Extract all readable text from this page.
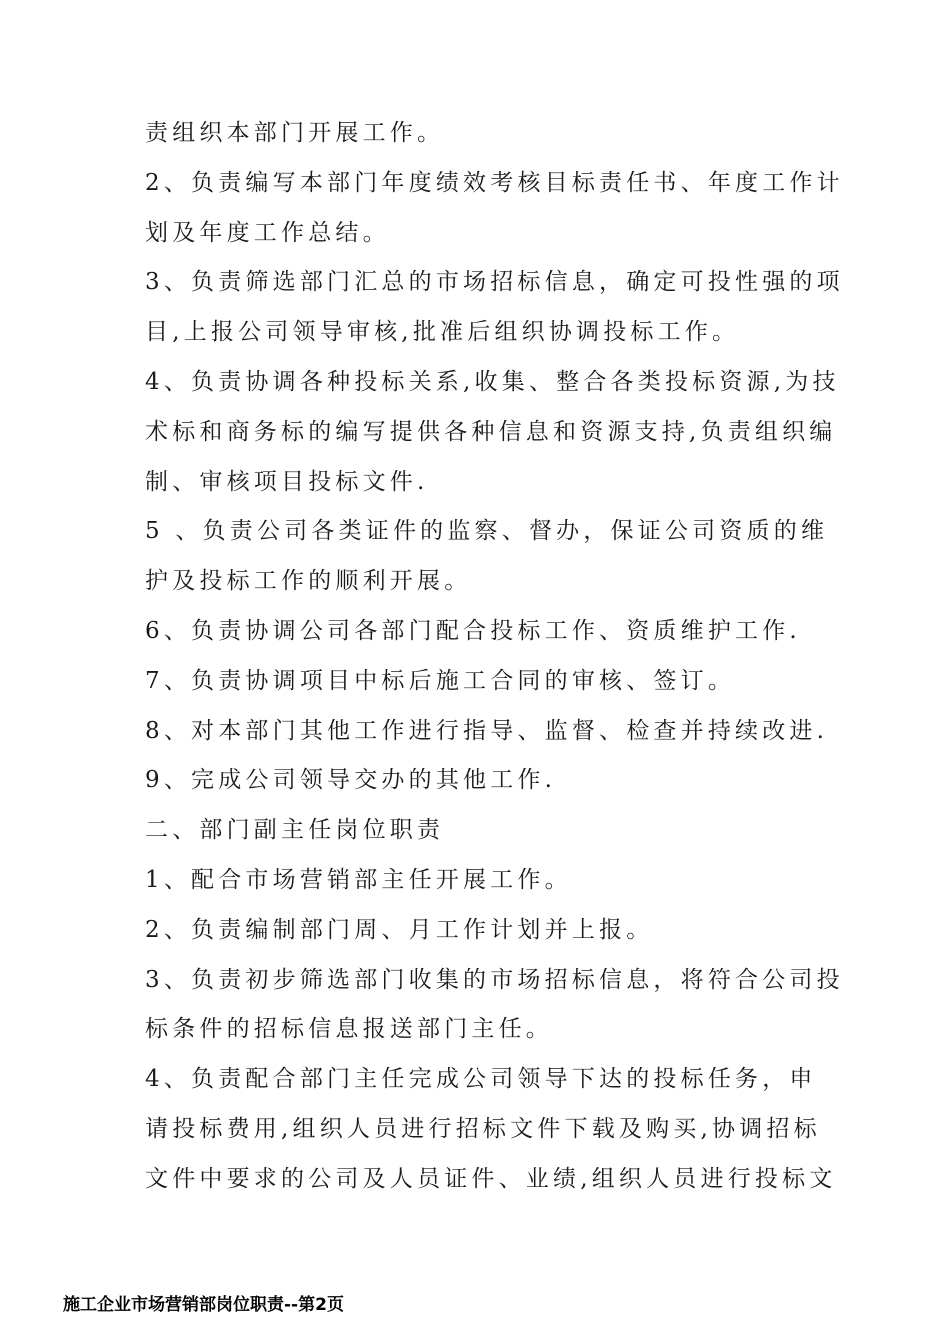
责组织本部门开展工作。
2、负责编写本部门年度绩效考核目标责任书、年度工作计
划及年度工作总结。
3、负责筛选部门汇总的市场招标信息，确定可投性强的项
目,上报公司领导审核,批准后组织协调投标工作。
4、负责协调各种投标关系,收集、整合各类投标资源,为技
术标和商务标的编写提供各种信息和资源支持,负责组织编
制、审核项目投标文件.
5 、负责公司各类证件的监察、督办，保证公司资质的维
护及投标工作的顺利开展。
6、负责协调公司各部门配合投标工作、资质维护工作.
7、负责协调项目中标后施工合同的审核、签订。
8、对本部门其他工作进行指导、监督、检查并持续改进.
9、完成公司领导交办的其他工作.
二、部门副主任岗位职责
1、配合市场营销部主任开展工作。
2、负责编制部门周、月工作计划并上报。
3、负责初步筛选部门收集的市场招标信息，将符合公司投
标条件的招标信息报送部门主任。
4、负责配合部门主任完成公司领导下达的投标任务，申
请投标费用,组织人员进行招标文件下载及购买,协调招标
文件中要求的公司及人员证件、业绩,组织人员进行投标文
施工企业市场营销部岗位职责--第2页
